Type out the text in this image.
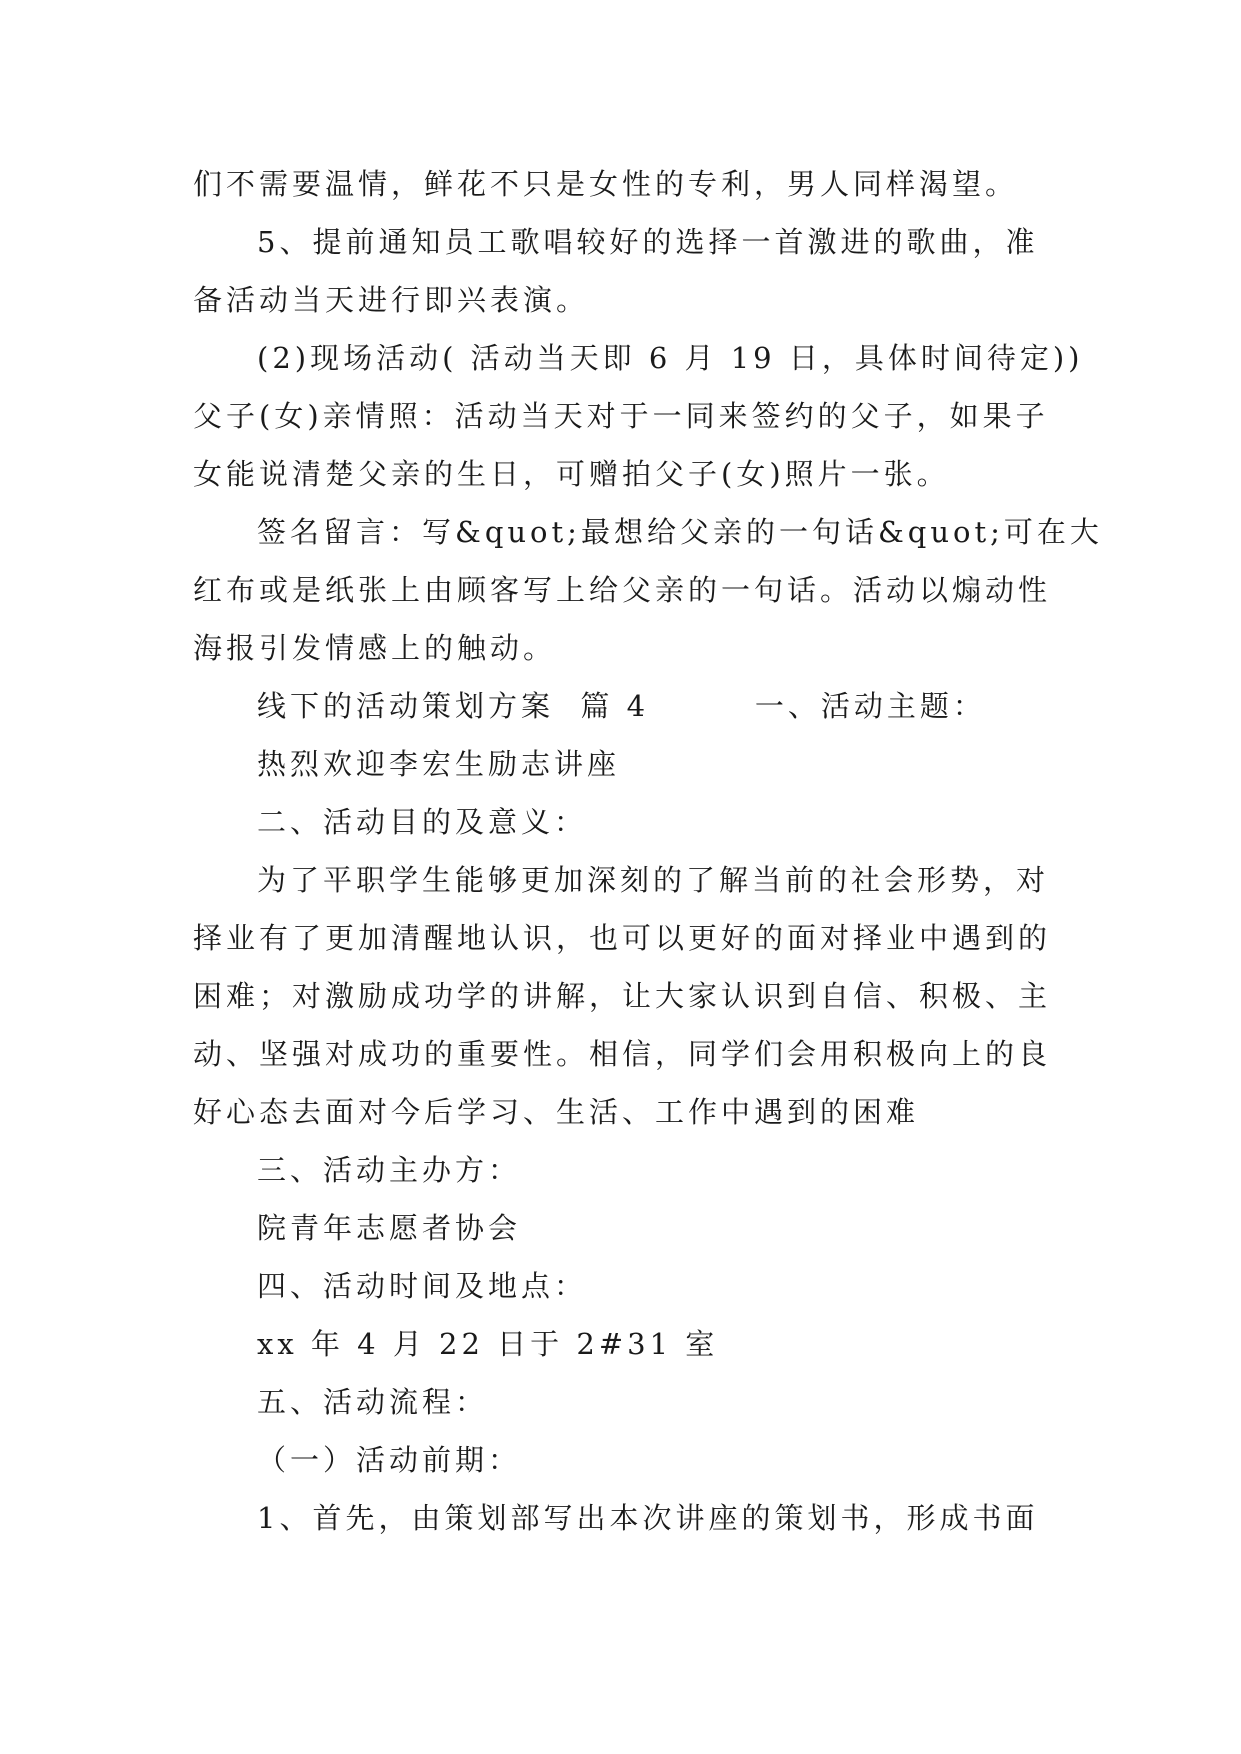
们不需要温情，鲜花不只是女性的专利，男人同样渴望。
5、提前通知员工歌唱较好的选择一首激进的歌曲，准
备活动当天进行即兴表演。
(2)现场活动( 活动当天即 6 月 19 日，具体时间待定))
父子(女)亲情照：活动当天对于一同来签约的父子，如果子
女能说清楚父亲的生日，可赠拍父子(女)照片一张。
签名留言：写&quot;最想给父亲的一句话&quot;可在大
红布或是纸张上由顾客写上给父亲的一句话。活动以煽动性
海报引发情感上的触动。
线下的活动策划方案  篇 4        一、活动主题：
热烈欢迎李宏生励志讲座
二、活动目的及意义：
为了平职学生能够更加深刻的了解当前的社会形势，对
择业有了更加清醒地认识，也可以更好的面对择业中遇到的
困难；对激励成功学的讲解，让大家认识到自信、积极、主
动、坚强对成功的重要性。相信，同学们会用积极向上的良
好心态去面对今后学习、生活、工作中遇到的困难
三、活动主办方：
院青年志愿者协会
四、活动时间及地点：
xx 年 4 月 22 日于 2#31 室
五、活动流程：
（一）活动前期：
1、首先，由策划部写出本次讲座的策划书，形成书面
